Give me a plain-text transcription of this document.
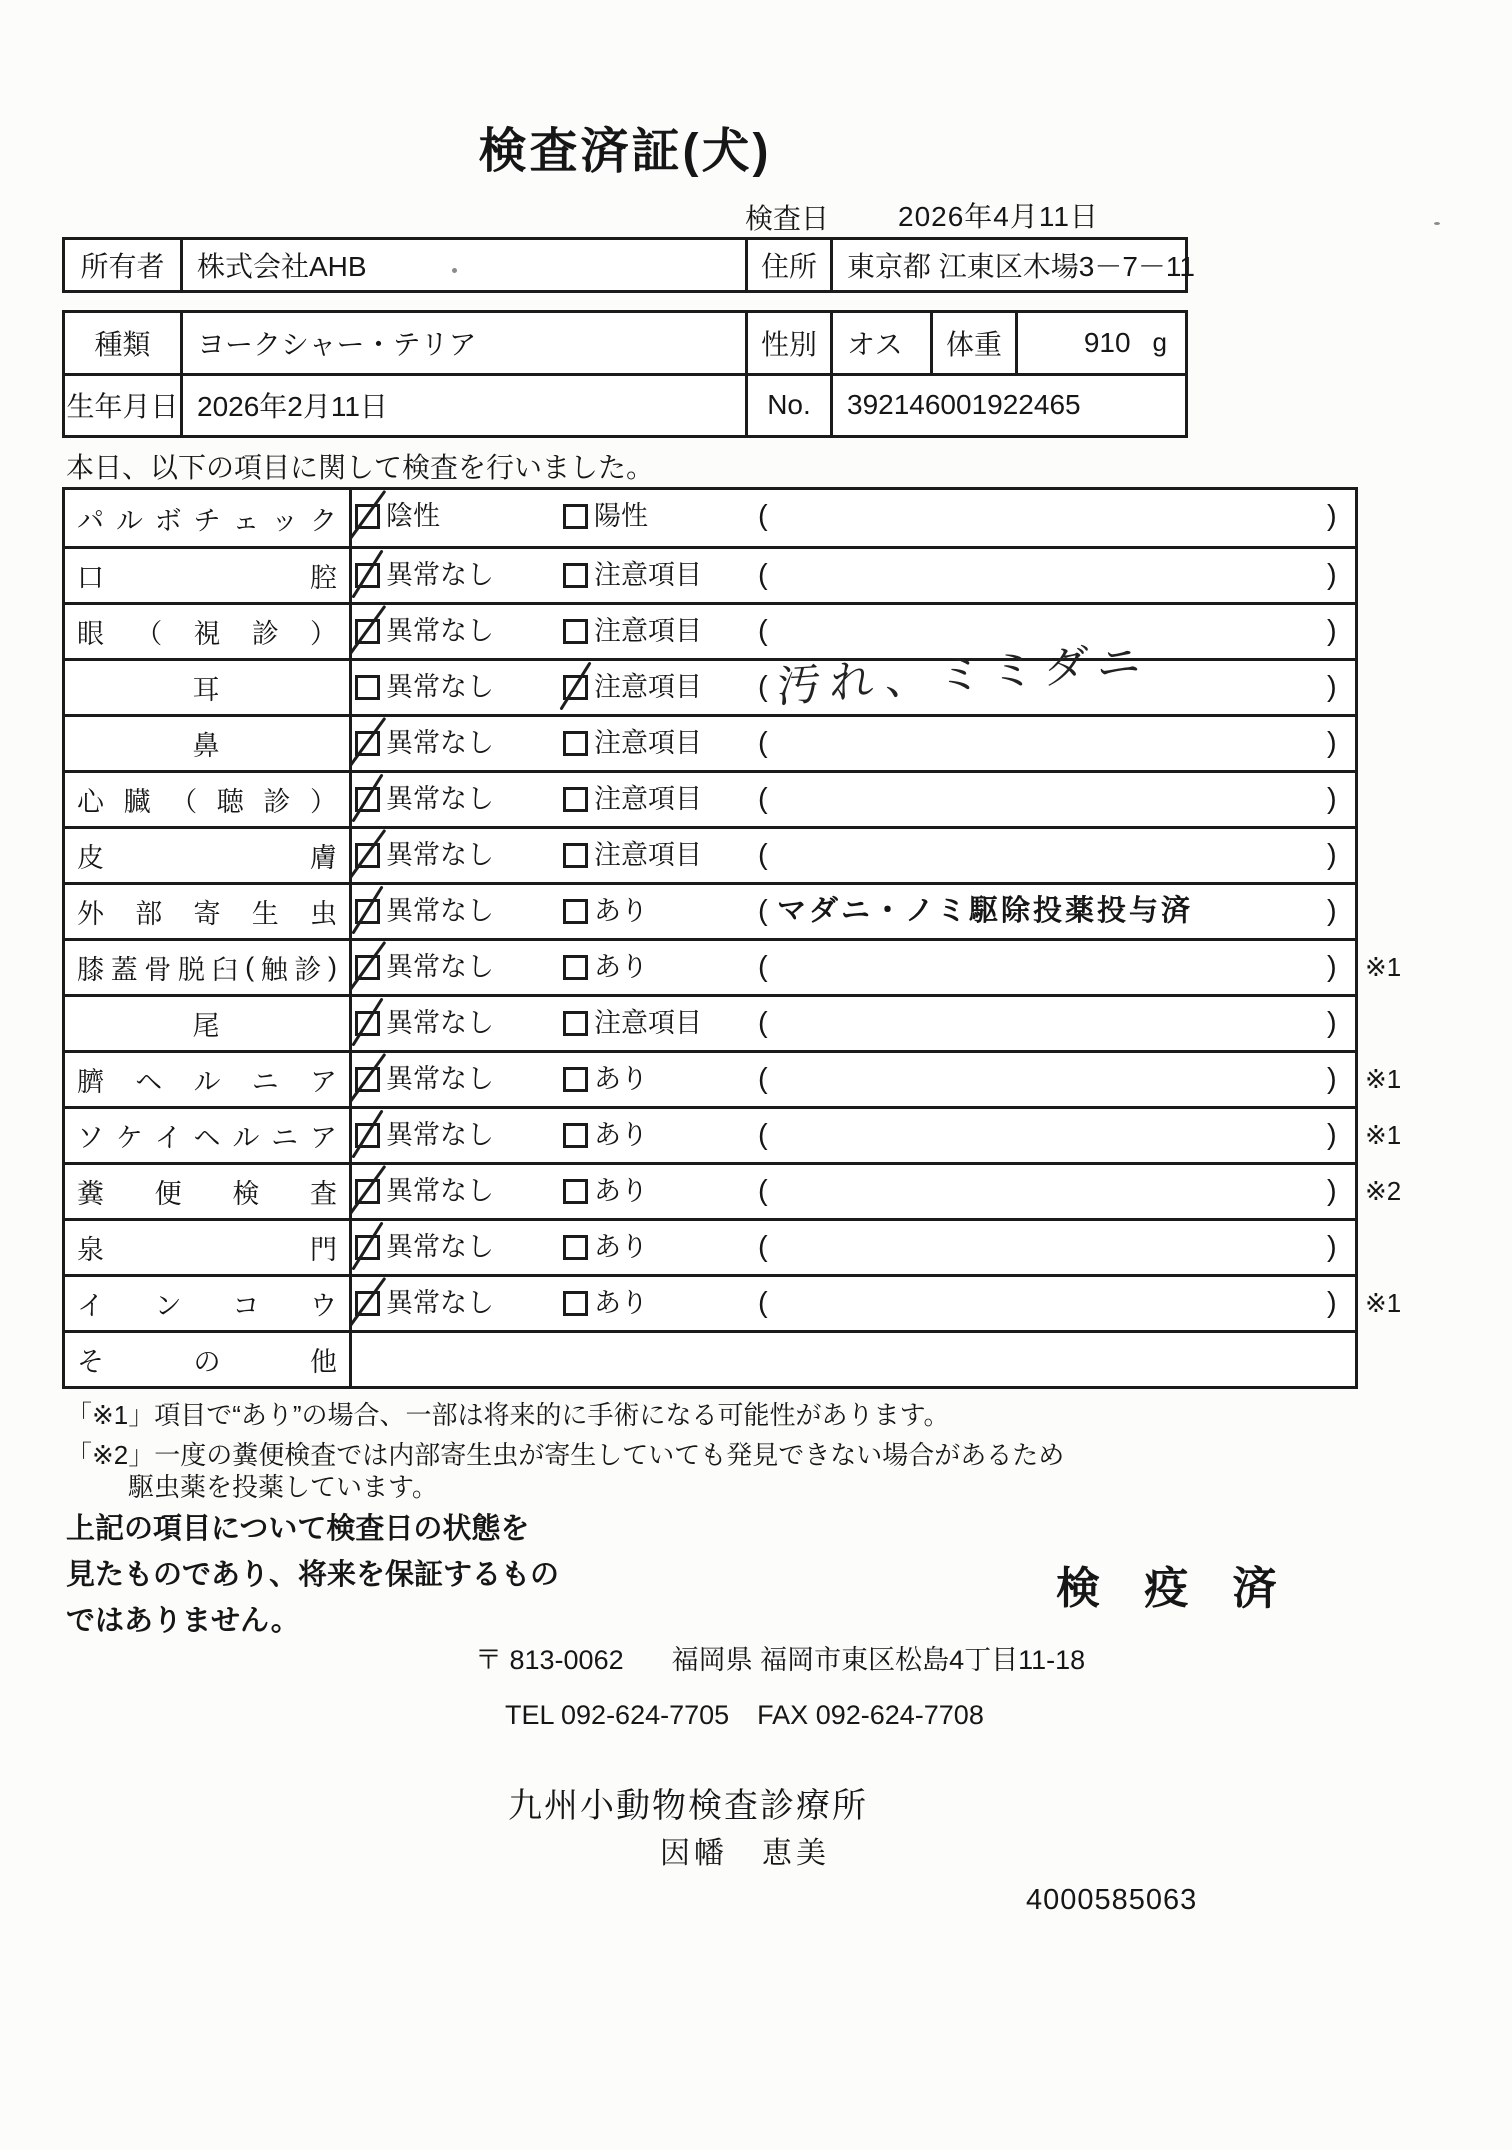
検査済証(犬)
検査日 2026年4月11日
所有者	株式会社AHB	住所	東京都 江東区木場3－7－11
種類	ヨークシャー・テリア	性別	オス	体重	910 g
生年月日 2026年2月11日	No.	392146001922465
本日、以下の項目に関して検査を行いました。
パ ル ボ チ ェ ッ ク 陰性	陽性	(	)
口	腔 異常なし	注意項目 (	)
眼 （ 視 診 ） 異常なし	注意項目 (	)
耳	異常なし	注意項目 ( 汚れ、ミミダニ	)
鼻	異常なし	注意項目 (	)
心 臓 （ 聴 診 ） 異常なし	注意項目 (	)
皮	膚 異常なし	注意項目 (	)
外 部 寄 生 虫 異常なし	あり	( マダニ・ノミ駆除投薬投与済	)
膝 蓋 骨 脱 臼 ( 触 診 ) 異常なし	あり	(	) ※1
尾	異常なし	注意項目 (	)
臍 ヘ ル ニ ア 異常なし	あり	(	) ※1
ソ ケ イ ヘ ル ニ ア 異常なし	あり	(	) ※1
糞 便 検 査 異常なし	あり	(	) ※2
泉	門 異常なし	あり	(	)
イ ン コ ウ 異常なし	あり	(	) ※1
そ	の	他
「※1」項目で“あり”の場合、一部は将来的に手術になる可能性があります。
「※2」一度の糞便検査では内部寄生虫が寄生していても発見できない場合があるため
駆虫薬を投薬しています。
上記の項目について検査日の状態を
見たものであり、将来を保証するもの
ではありません。
検 疫 済
〒 813-0062 福岡県 福岡市東区松島4丁目11-18
TEL 092-624-7705 FAX 092-624-7708
九州小動物検査診療所
因幡　恵美
4000585063
